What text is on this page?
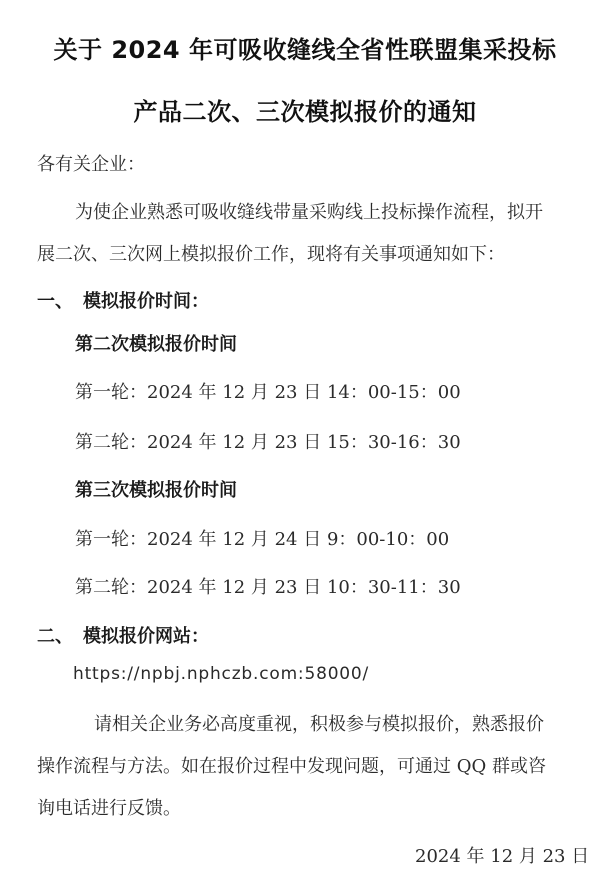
关于 2024 年可吸收缝线全省性联盟集采投标
产品二次、三次模拟报价的通知
各有关企业：
为使企业熟悉可吸收缝线带量采购线上投标操作流程，拟开
展二次、三次网上模拟报价工作，现将有关事项通知如下：
一、 模拟报价时间：
第二次模拟报价时间
第一轮：2024 年 12 月 23 日 14：00-15：00
第二轮：2024 年 12 月 23 日 15：30-16：30
第三次模拟报价时间
第一轮：2024 年 12 月 24 日 9：00-10：00
第二轮：2024 年 12 月 23 日 10：30-11：30
二、 模拟报价网站：
https://npbj.nphczb.com:58000/
请相关企业务必高度重视，积极参与模拟报价，熟悉报价
操作流程与方法。如在报价过程中发现问题，可通过 QQ 群或咨
询电话进行反馈。
2024 年 12 月 23 日
